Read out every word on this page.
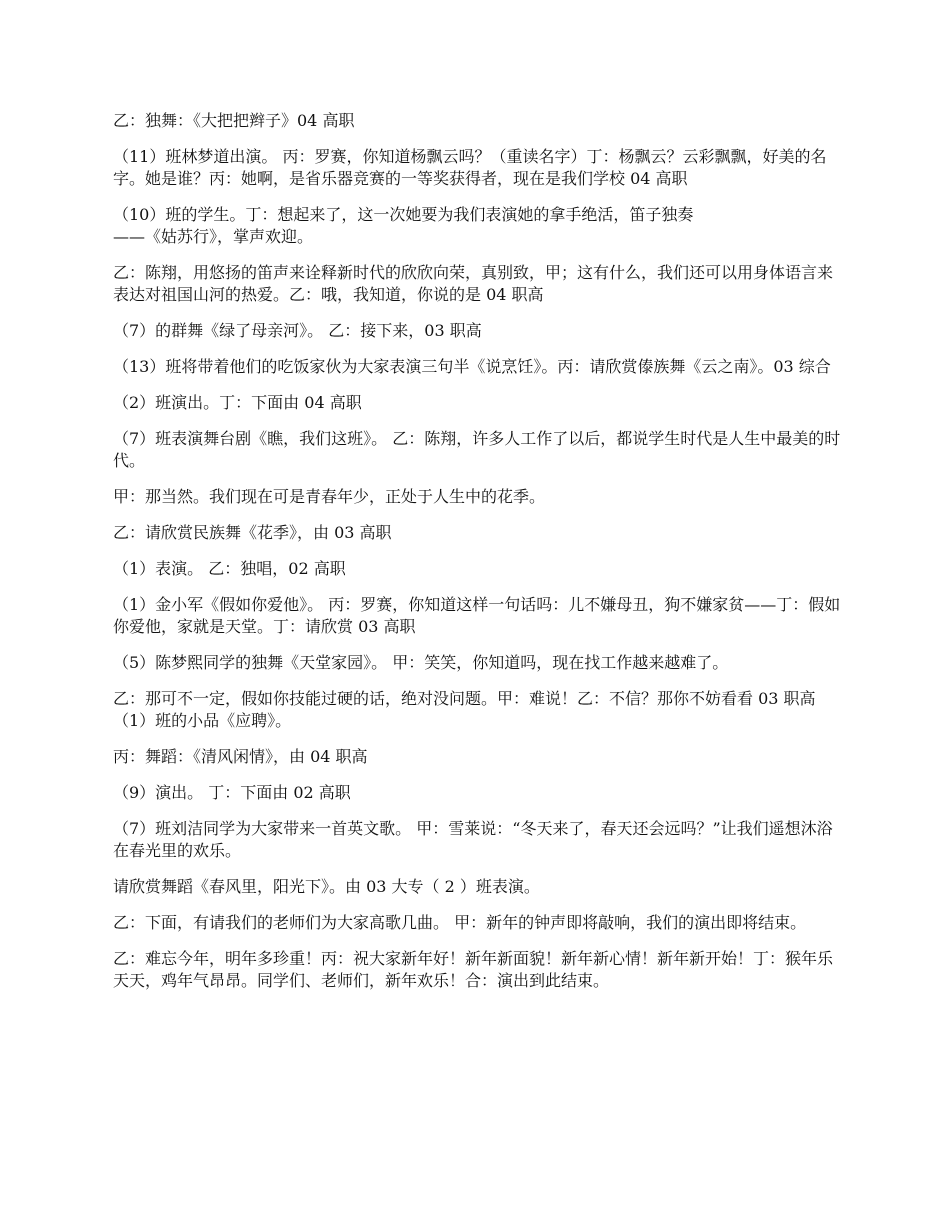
乙：独舞：《大把把辫子》04 高职

（11）班林梦道出演。 丙：罗赛，你知道杨飘云吗？（重读名字）丁：杨飘云？云彩飘飘，好美的名字。她是谁？丙：她啊，是省乐器竞赛的一等奖获得者，现在是我们学校 04 高职

（10）班的学生。丁：想起来了，这一次她要为我们表演她的拿手绝活，笛子独奏
——《姑苏行》，掌声欢迎。

乙：陈翔，用悠扬的笛声来诠释新时代的欣欣向荣，真别致，甲；这有什么，我们还可以用身体语言来表达对祖国山河的热爱。乙：哦，我知道，你说的是 04 职高

（7）的群舞《绿了母亲河》。 乙：接下来，03 职高

（13）班将带着他们的吃饭家伙为大家表演三句半《说烹饪》。丙：请欣赏傣族舞《云之南》。03 综合

（2）班演出。丁：下面由 04 高职

（7）班表演舞台剧《瞧，我们这班》。 乙：陈翔，许多人工作了以后，都说学生时代是人生中最美的时代。

甲：那当然。我们现在可是青春年少，正处于人生中的花季。

乙：请欣赏民族舞《花季》，由 03 高职

（1）表演。 乙：独唱，02 高职

（1）金小军《假如你爱他》。 丙：罗赛，你知道这样一句话吗：儿不嫌母丑，狗不嫌家贫——丁：假如你爱他，家就是天堂。丁：请欣赏 03 高职

（5）陈梦熙同学的独舞《天堂家园》。 甲：笑笑，你知道吗，现在找工作越来越难了。

乙：那可不一定，假如你技能过硬的话，绝对没问题。甲：难说！乙：不信？那你不妨看看 03 职高（1）班的小品《应聘》。

丙：舞蹈：《清风闲情》，由 04 职高

（9）演出。 丁：下面由 02 高职

（7）班刘洁同学为大家带来一首英文歌。 甲：雪莱说：“冬天来了，春天还会远吗？”让我们遥想沐浴在春光里的欢乐。

请欣赏舞蹈《春风里，阳光下》。由 03 大专（ 2 ）班表演。

乙：下面，有请我们的老师们为大家高歌几曲。 甲：新年的钟声即将敲响，我们的演出即将结束。

乙：难忘今年，明年多珍重！丙：祝大家新年好！新年新面貌！新年新心情！新年新开始！丁：猴年乐天天，鸡年气昂昂。同学们、老师们，新年欢乐！合：演出到此结束。
